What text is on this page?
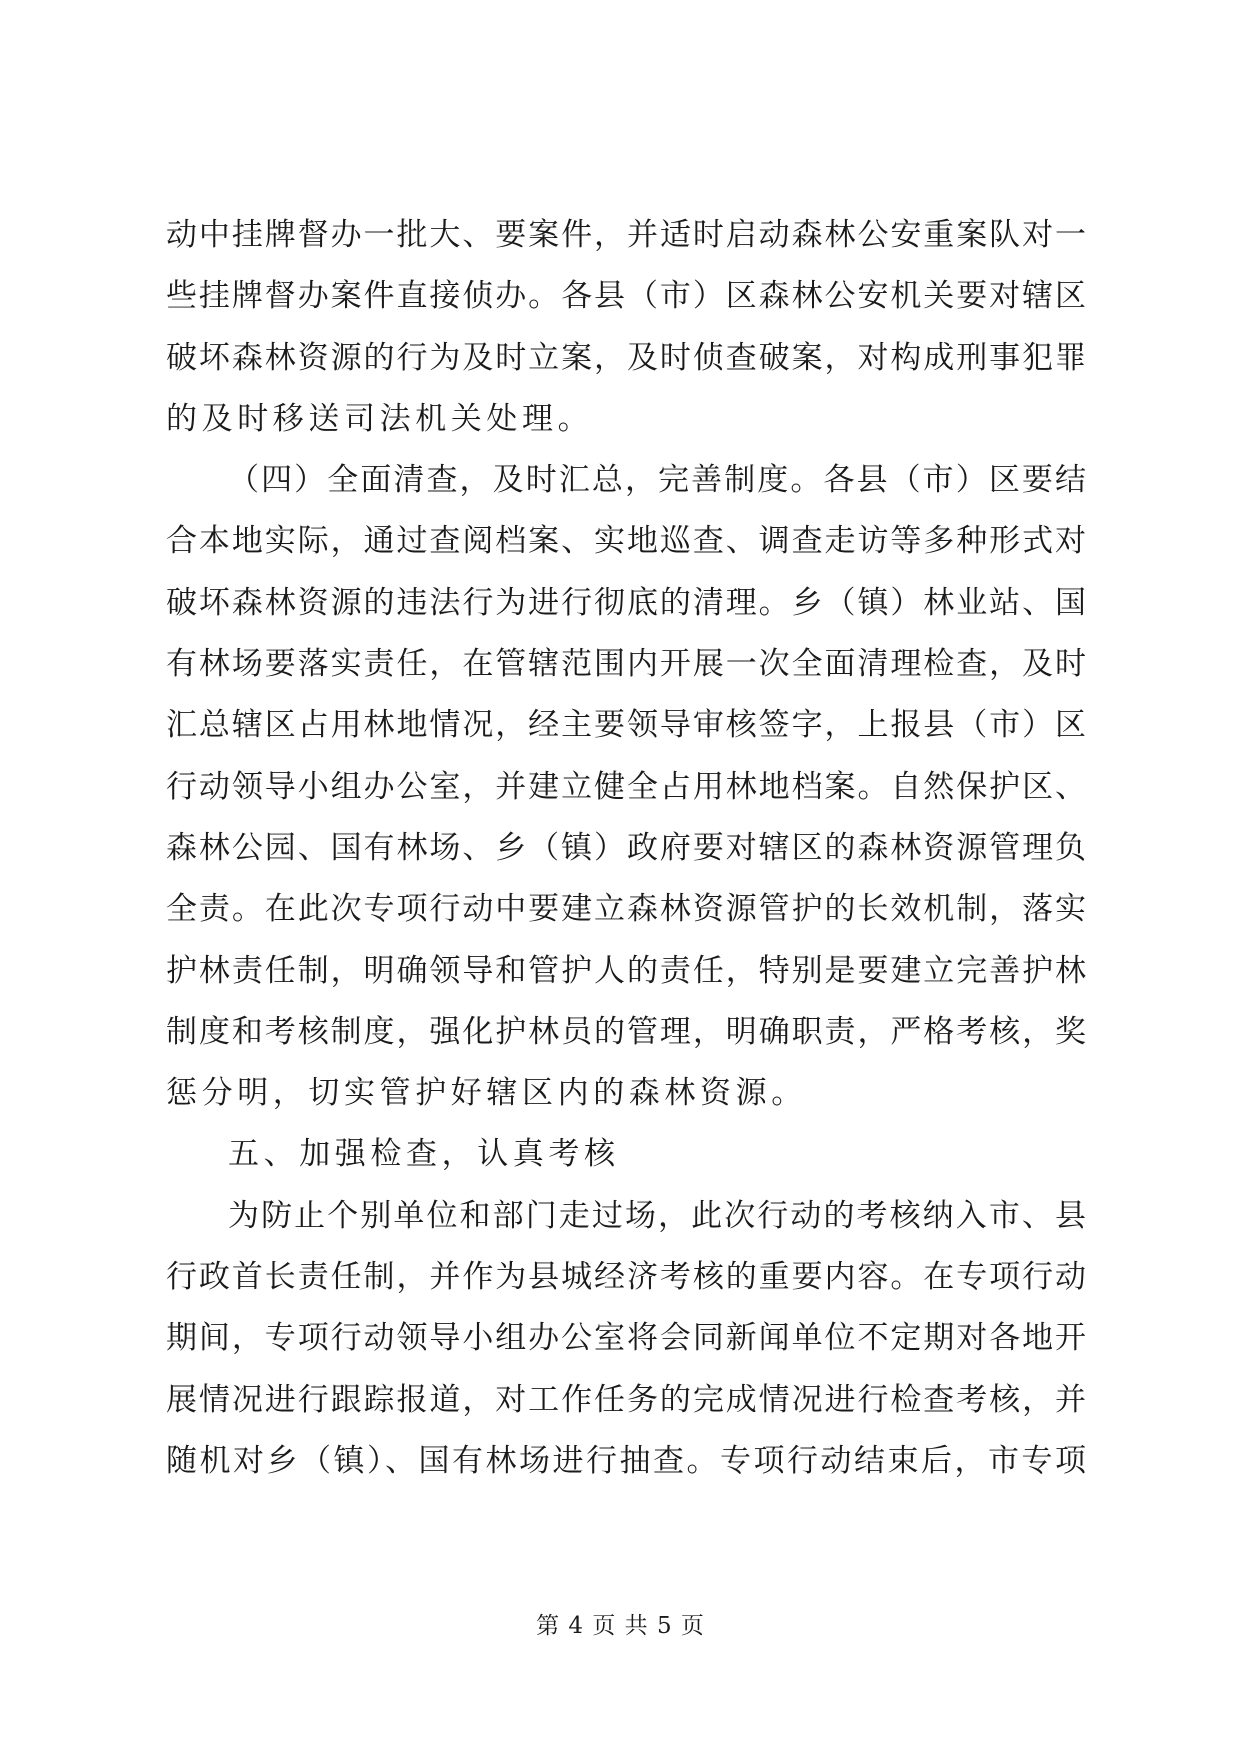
动中挂牌督办一批大、要案件，并适时启动森林公安重案队对一
些挂牌督办案件直接侦办。各县（市）区森林公安机关要对辖区
破坏森林资源的行为及时立案，及时侦查破案，对构成刑事犯罪
的及时移送司法机关处理。
（四）全面清查，及时汇总，完善制度。各县（市）区要结
合本地实际，通过查阅档案、实地巡查、调查走访等多种形式对
破坏森林资源的违法行为进行彻底的清理。乡（镇）林业站、国
有林场要落实责任，在管辖范围内开展一次全面清理检查，及时
汇总辖区占用林地情况，经主要领导审核签字，上报县（市）区
行动领导小组办公室，并建立健全占用林地档案。自然保护区、
森林公园、国有林场、乡（镇）政府要对辖区的森林资源管理负
全责。在此次专项行动中要建立森林资源管护的长效机制，落实
护林责任制，明确领导和管护人的责任，特别是要建立完善护林
制度和考核制度，强化护林员的管理，明确职责，严格考核，奖
惩分明，切实管护好辖区内的森林资源。
五、加强检查，认真考核
为防止个别单位和部门走过场，此次行动的考核纳入市、县
行政首长责任制，并作为县城经济考核的重要内容。在专项行动
期间，专项行动领导小组办公室将会同新闻单位不定期对各地开
展情况进行跟踪报道，对工作任务的完成情况进行检查考核，并
随机对乡（镇）、国有林场进行抽查。专项行动结束后，市专项
第 4 页 共 5 页
